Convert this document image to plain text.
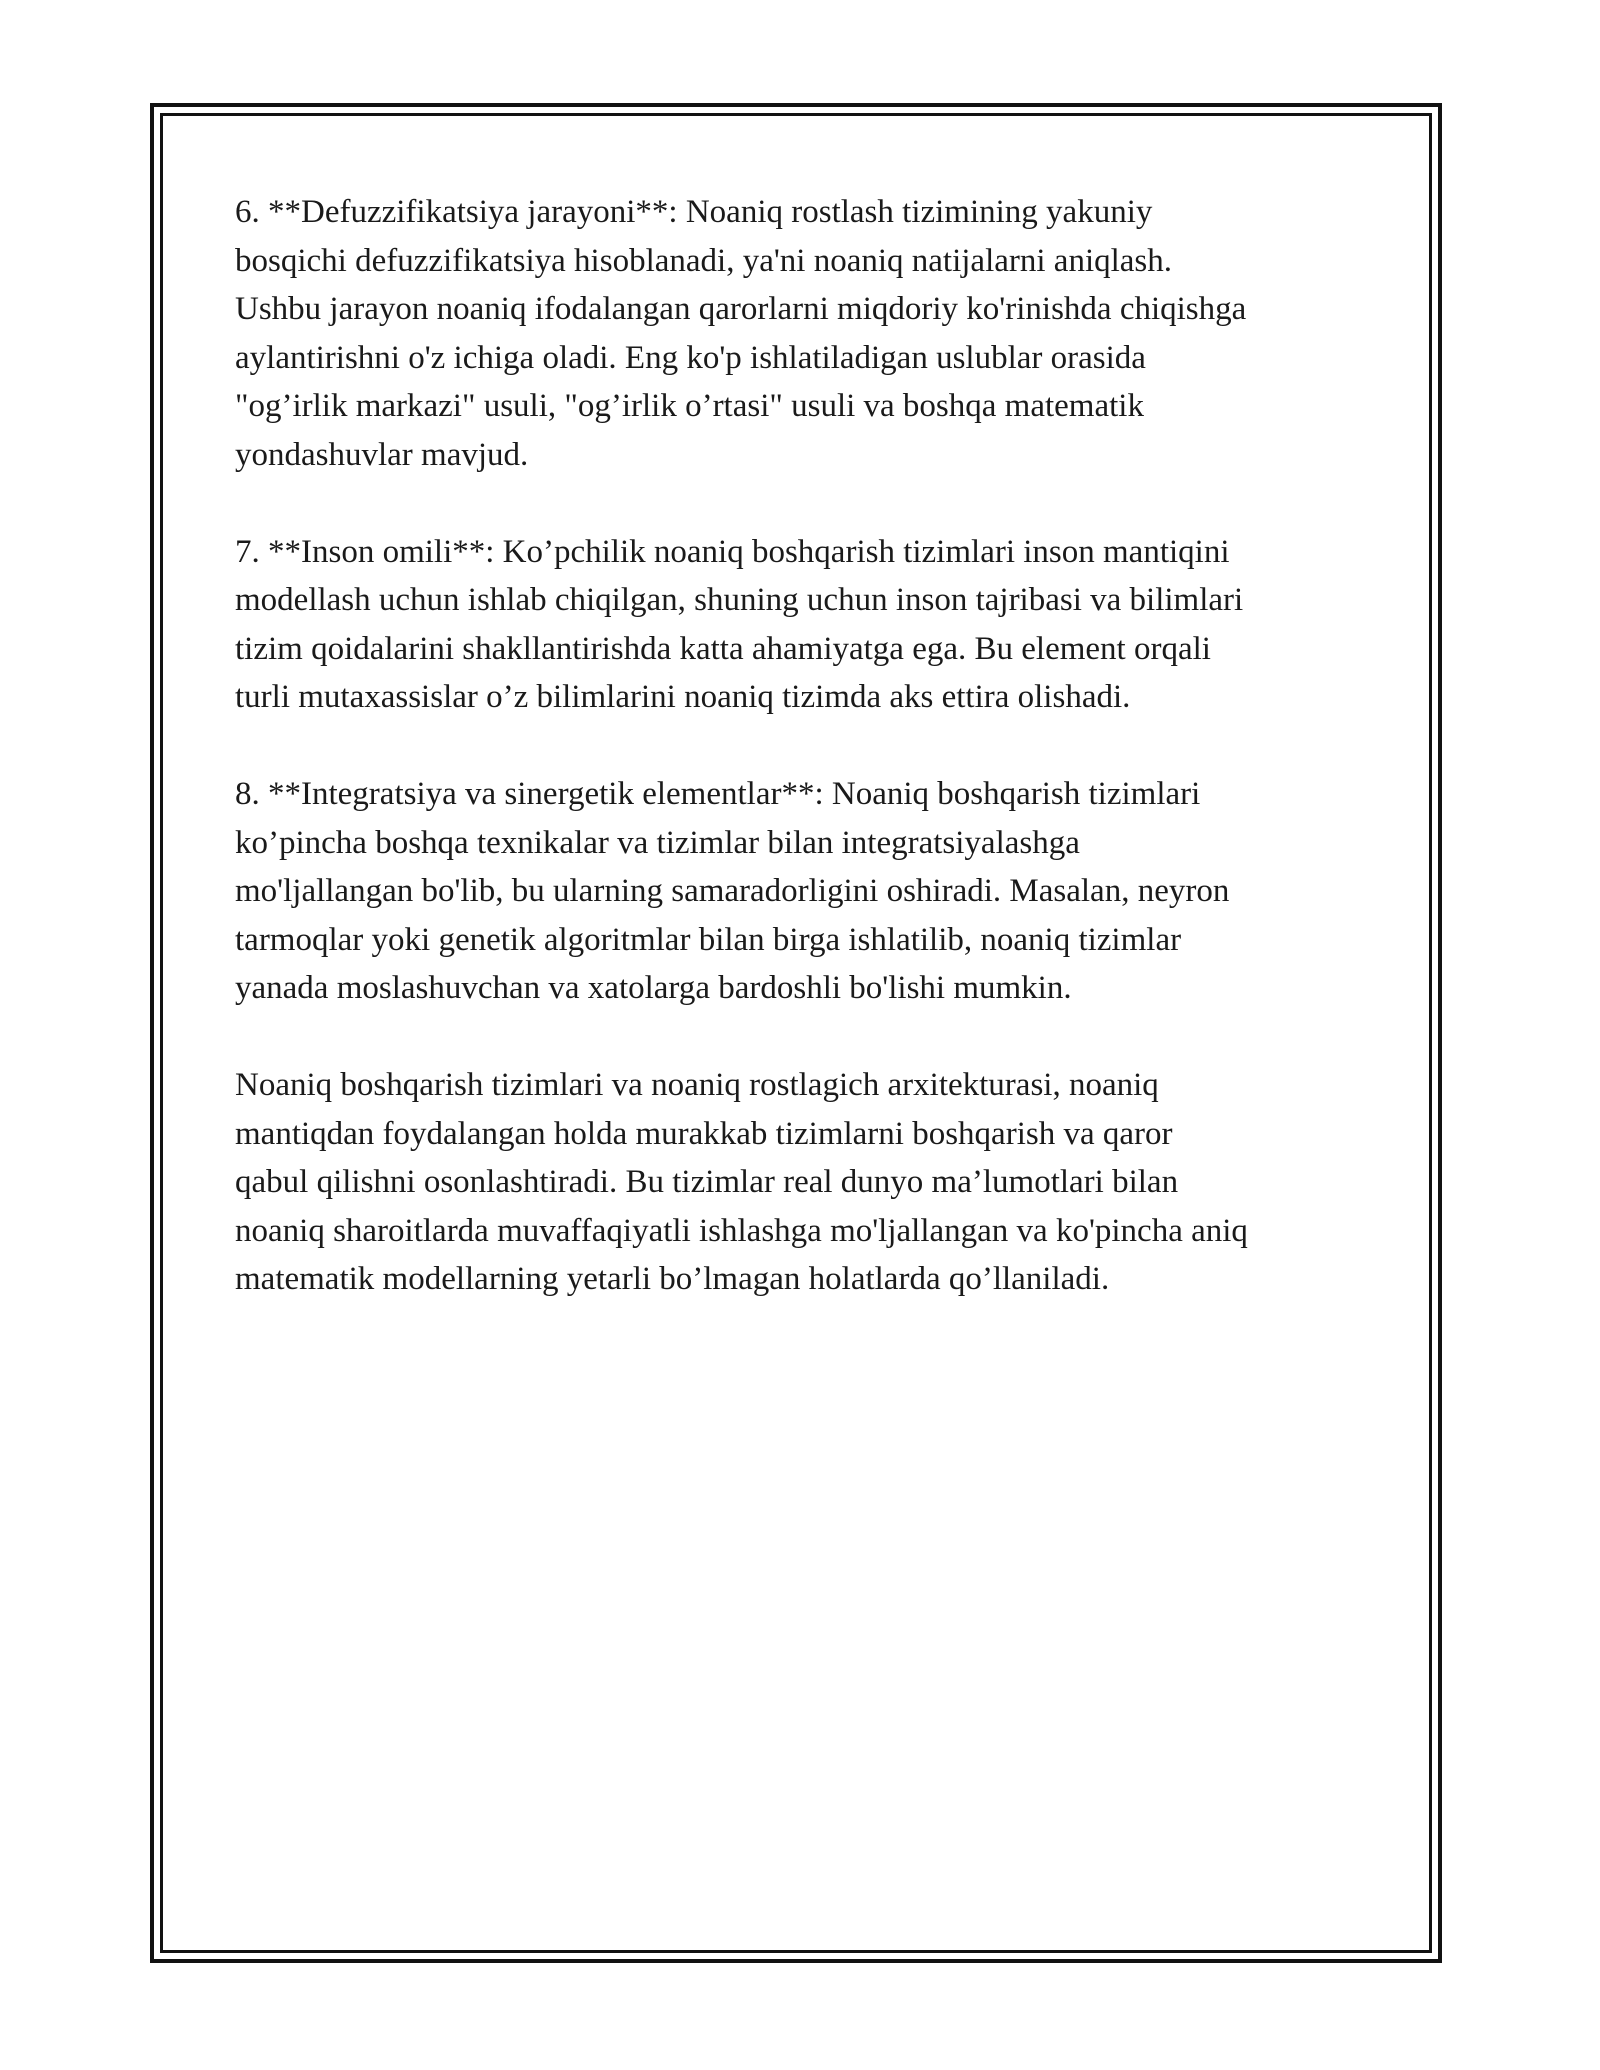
6. **Defuzzifikatsiya jarayoni**: Noaniq rostlash tizimining yakuniy
bosqichi defuzzifikatsiya hisoblanadi, ya'ni noaniq natijalarni aniqlash.
Ushbu jarayon noaniq ifodalangan qarorlarni miqdoriy ko'rinishda chiqishga
aylantirishni o'z ichiga oladi. Eng ko'p ishlatiladigan uslublar orasida
"og’irlik markazi" usuli, "og’irlik o’rtasi" usuli va boshqa matematik
yondashuvlar mavjud.

7. **Inson omili**: Ko’pchilik noaniq boshqarish tizimlari inson mantiqini
modellash uchun ishlab chiqilgan, shuning uchun inson tajribasi va bilimlari
tizim qoidalarini shakllantirishda katta ahamiyatga ega. Bu element orqali
turli mutaxassislar o’z bilimlarini noaniq tizimda aks ettira olishadi.

8. **Integratsiya va sinergetik elementlar**: Noaniq boshqarish tizimlari
ko’pincha boshqa texnikalar va tizimlar bilan integratsiyalashga
mo'ljallangan bo'lib, bu ularning samaradorligini oshiradi. Masalan, neyron
tarmoqlar yoki genetik algoritmlar bilan birga ishlatilib, noaniq tizimlar
yanada moslashuvchan va xatolarga bardoshli bo'lishi mumkin.

Noaniq boshqarish tizimlari va noaniq rostlagich arxitekturasi, noaniq
mantiqdan foydalangan holda murakkab tizimlarni boshqarish va qaror
qabul qilishni osonlashtiradi. Bu tizimlar real dunyo ma’lumotlari bilan
noaniq sharoitlarda muvaffaqiyatli ishlashga mo'ljallangan va ko'pincha aniq
matematik modellarning yetarli bo’lmagan holatlarda qo’llaniladi.
